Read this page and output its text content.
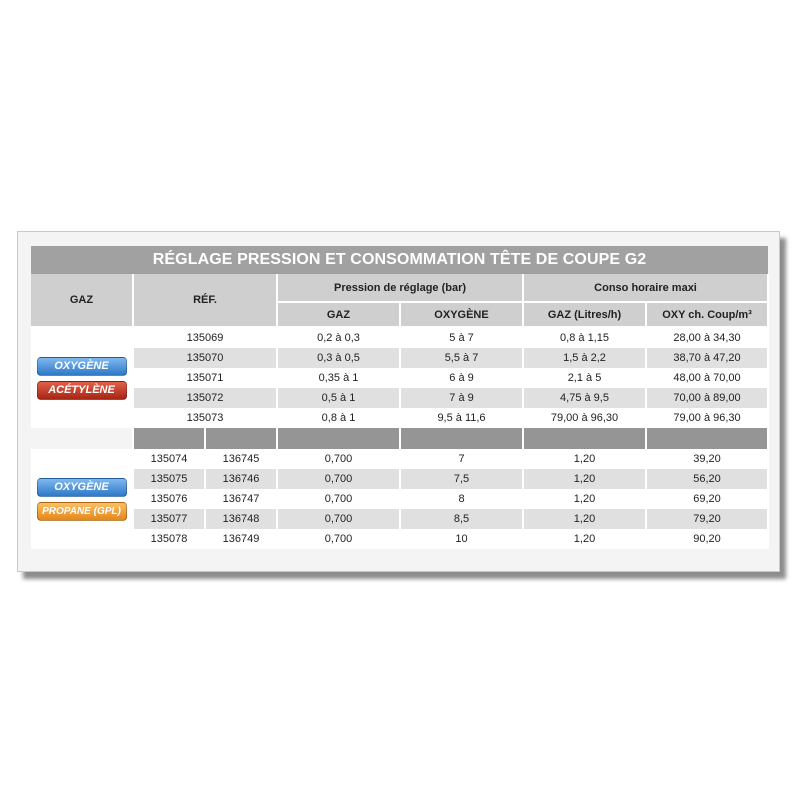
RÉGLAGE PRESSION ET CONSOMMATION TÊTE DE COUPE G2
GAZ	RÉF.		Pression de réglage (bar)		Conso horaire maxi	
			GAZ	OXYGÈNE	GAZ (Litres/h)	OXY ch. Coup/m³

OXYGÈNE
ACÉTYLÈNE	135069		0,2 à 0,3	5 à 7	0,8 à 1,15	28,00 à 34,30
	135070		0,3 à 0,5	5,5 à 7	1,5 à 2,2	38,70 à 47,20
	135071		0,35 à 1	6 à 9	2,1 à 5	48,00 à 70,00
	135072		0,5 à 1	7 à 9	4,75 à 9,5	70,00 à 89,00
	135073		0,8 à 1	9,5 à 11,6	79,00 à 96,30	79,00 à 96,30

OXYGÈNE
PROPANE (GPL)	135074	136745	0,700	7	1,20	39,20
	135075	136746	0,700	7,5	1,20	56,20
	135076	136747	0,700	8	1,20	69,20
	135077	136748	0,700	8,5	1,20	79,20
	135078	136749	0,700	10	1,20	90,20
